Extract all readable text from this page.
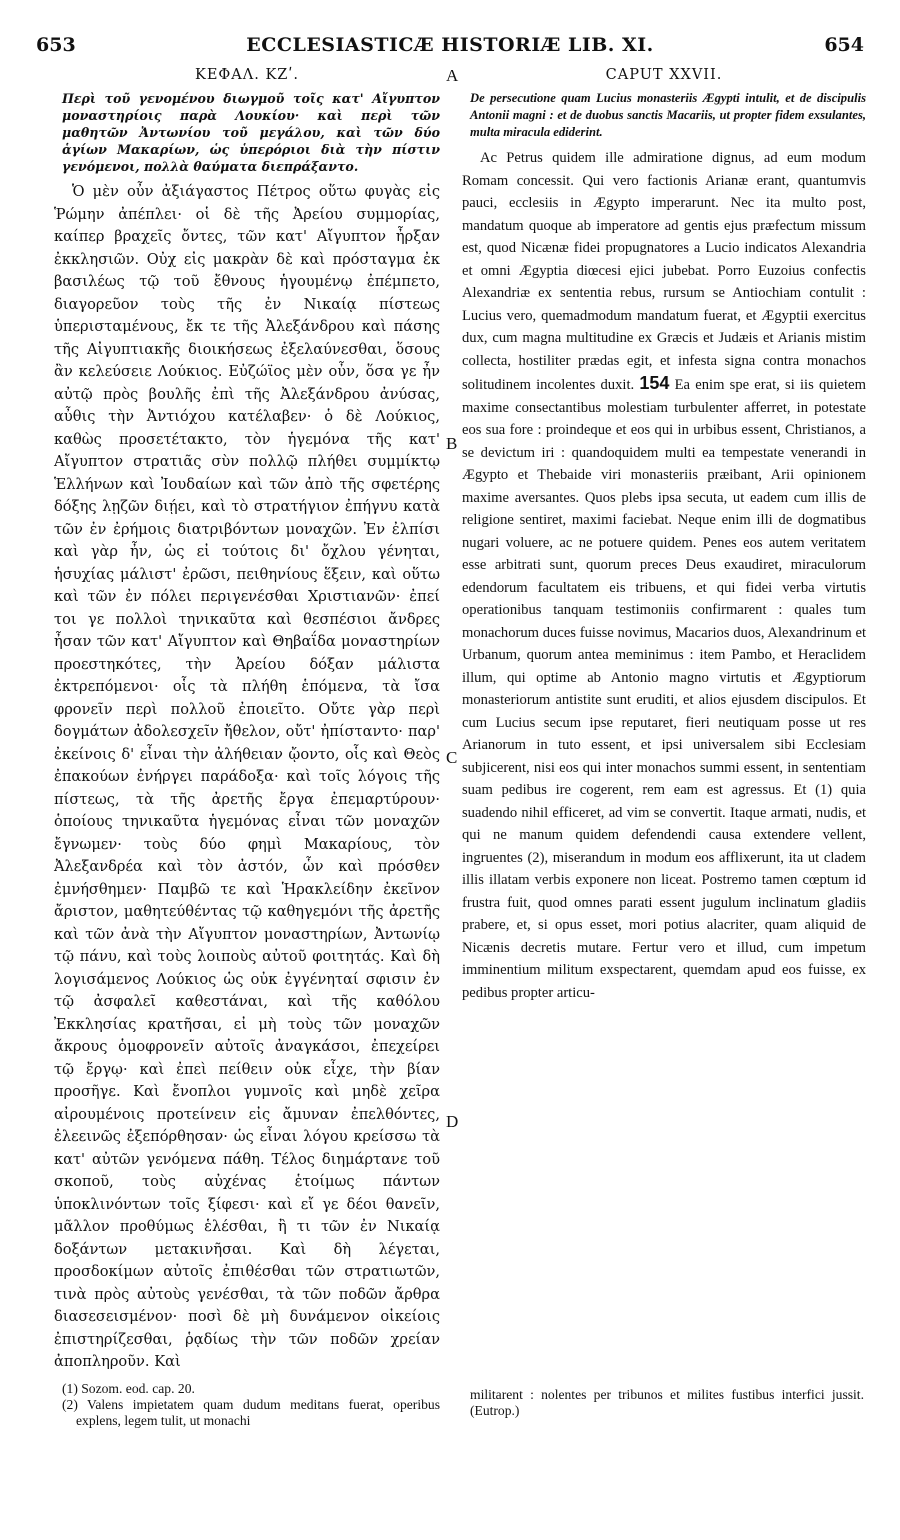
653	ECCLESIASTICÆ HISTORIÆ LIB. XI.	654
ΚΕΦΑΛ. ΚΖʹ.
Περὶ τοῦ γενομένου διωγμοῦ τοῖς κατ' Αἴγυπτον μοναστηρίοις παρὰ Λουκίου· καὶ περὶ τῶν μαθητῶν Ἀντωνίου τοῦ μεγάλου, καὶ τῶν δύο ἁγίων Μακαρίων, ὡς ὑπερόριοι διὰ τὴν πίστιν γενόμενοι, πολλὰ θαύματα διεπράξαντο.

Ὁ μὲν οὖν ἀξιάγαστος Πέτρος οὕτω φυγὰς εἰς Ῥώμην ἀπέπλει· οἱ δὲ τῆς Ἀρείου συμμορίας, καίπερ βραχεῖς ὄντες, τῶν κατ' Αἴγυπτον ἦρξαν ἐκκλησιῶν. Οὐχ εἰς μακρὰν δὲ καὶ πρόσταγμα ἐκ βασιλέως τῷ τοῦ ἔθνους ἡγουμένῳ ἐπέμπετο, διαγορεῦον τοὺς τῆς ἐν Νικαίᾳ πίστεως ὑπερισταμένους, ἔκ τε τῆς Ἀλεξάνδρου καὶ πάσης τῆς Αἰγυπτιακῆς διοικήσεως ἐξελαύνεσθαι, ὅσους ἂν κελεύσειε Λούκιος. Εὐζώϊος μὲν οὖν, ὅσα γε ἦν αὐτῷ πρὸς βουλῆς ἐπὶ τῆς Ἀλεξάνδρου ἀνύσας, αὖθις τὴν Ἀντιόχου κατέλαβεν· ὁ δὲ Λούκιος, καθὼς προσετέτακτο, τὸν ἡγεμόνα τῆς κατ' Αἴγυπτον στρατιᾶς σὺν πολλῷ πλήθει συμμίκτῳ Ἑλλήνων καὶ Ἰουδαίων καὶ τῶν ἀπὸ τῆς σφετέρης δόξης λῃζῶν διῄει, καὶ τὸ στρατήγιον ἐπήγνυ κατὰ τῶν ἐν ἐρήμοις διατριβόντων μοναχῶν. Ἐν ἐλπίσι καὶ γὰρ ἦν, ὡς εἰ τούτοις δι' ὄχλου γένηται, ἡσυχίας μάλιστ' ἐρῶσι, πειθηνίους ἕξειν, καὶ οὕτω καὶ τῶν ἐν πόλει περιγενέσθαι Χριστιανῶν· ἐπεί τοι γε πολλοὶ τηνικαῦτα καὶ θεσπέσιοι ἄνδρες ἦσαν τῶν κατ' Αἴγυπτον καὶ Θηβαΐδα μοναστηρίων προεστηκότες, τὴν Ἀρείου δόξαν μάλιστα ἐκτρεπόμενοι· οἷς τὰ πλήθη ἑπόμενα, τὰ ἴσα φρονεῖν περὶ πολλοῦ ἐποιεῖτο. Οὔτε γὰρ περὶ δογμάτων ἀδολεσχεῖν ἤθελον, οὔτ' ἠπίσταντο· παρ' ἐκείνοις δ' εἶναι τὴν ἀλήθειαν ᾤοντο, οἷς καὶ Θεὸς ἐπακούων ἐνήργει παράδοξα· καὶ τοῖς λόγοις τῆς πίστεως, τὰ τῆς ἀρετῆς ἔργα ἐπεμαρτύρουν· ὁποίους τηνικαῦτα ἡγεμόνας εἶναι τῶν μοναχῶν ἔγνωμεν· τοὺς δύο φημὶ Μακαρίους, τὸν Ἀλεξανδρέα καὶ τὸν ἀστόν, ὧν καὶ πρόσθεν ἐμνήσθημεν· Παμβῶ τε καὶ Ἡρακλείδην ἐκεῖνον ἄριστον, μαθητεύθέντας τῷ καθηγεμόνι τῆς ἀρετῆς καὶ τῶν ἀνὰ τὴν Αἴγυπτον μοναστηρίων, Ἀντωνίῳ τῷ πάνυ, καὶ τοὺς λοιποὺς αὐτοῦ φοιτητάς. Καὶ δὴ λογισάμενος Λούκιος ὡς οὐκ ἐγγένηταί σφισιν ἐν τῷ ἀσφαλεῖ καθεστάναι, καὶ τῆς καθόλου Ἐκκλησίας κρατῆσαι, εἰ μὴ τοὺς τῶν μοναχῶν ἄκρους ὁμοφρονεῖν αὐτοῖς ἀναγκάσοι, ἐπεχείρει τῷ ἔργῳ· καὶ ἐπεὶ πείθειν οὐκ εἶχε, τὴν βίαν προσῆγε. Καὶ ἔνοπλοι γυμνοῖς καὶ μηδὲ χεῖρα αἰρουμένοις προτείνειν εἰς ἄμυναν ἐπελθόντες, ἐλεεινῶς ἐξεπόρθησαν· ὡς εἶναι λόγου κρείσσω τὰ κατ' αὐτῶν γενόμενα πάθη. Τέλος διημάρτανε τοῦ σκοποῦ, τοὺς αὐχένας ἑτοίμως πάντων ὑποκλινόντων τοῖς ξίφεσι· καὶ εἴ γε δέοι θανεῖν, μᾶλλον προθύμως ἑλέσθαι, ἢ τι τῶν ἐν Νικαίᾳ δοξάντων μετακινῆσαι. Καὶ δὴ λέγεται, προσδοκίμων αὐτοῖς ἐπιθέσθαι τῶν στρατιωτῶν, τινὰ πρὸς αὐτοὺς γενέσθαι, τὰ τῶν ποδῶν ἄρθρα διασεσεισμένον· ποσὶ δὲ μὴ δυνάμενον οἰκείοις ἐπιστηρίζεσθαι, ῥᾳδίως τὴν τῶν ποδῶν χρείαν ἀποπληροῦν. Καὶ

A
B
C
D
CAPUT XXVII.
De persecutione quam Lucius monasteriis Ægypti intulit, et de discipulis Antonii magni : et de duobus sanctis Macariis, ut propter fidem exsulantes, multa miracula ediderint.

Ac Petrus quidem ille admiratione dignus, ad eum modum Romam concessit. Qui vero factionis Arianæ erant, quantumvis pauci, ecclesiis in Ægypto imperarunt. Nec ita multo post, mandatum quoque ab imperatore ad gentis ejus præfectum missum est, quod Nicænæ fidei propugnatores a Lucio indicatos Alexandria et omni Ægyptia diœcesi ejici jubebat. Porro Euzoius confectis Alexandriæ ex sententia rebus, rursum se Antiochiam contulit : Lucius vero, quemadmodum mandatum fuerat, et Ægyptii exercitus dux, cum magna multitudine ex Græcis et Judæis et Arianis mistim collecta, hostiliter prædas egit, et infesta signa contra monachos solitudinem incolentes duxit. 154 Ea enim spe erat, si iis quietem maxime consectantibus molestiam turbulenter afferret, in potestate eos sua fore : proindeque et eos qui in urbibus essent, Christianos, a se devictum iri : quandoquidem multi ea tempestate venerandi in Ægypto et Thebaide viri monasteriis præibant, Arii opinionem maxime aversantes. Quos plebs ipsa secuta, ut eadem cum illis de religione sentiret, maximi faciebat. Neque enim illi de dogmatibus nugari voluere, ac ne potuere quidem. Penes eos autem veritatem esse arbitrati sunt, quorum preces Deus exaudiret, miraculorum edendorum facultatem eis tribuens, et qui fidei verba virtutis operationibus tanquam testimoniis confirmarent : quales tum monachorum duces fuisse novimus, Macarios duos, Alexandrinum et Urbanum, quorum antea meminimus : item Pambo, et Heraclidem illum, qui optime ab Antonio magno virtutis et Ægyptiorum monasteriorum antistite sunt eruditi, et alios ejusdem discipulos. Et cum Lucius secum ipse reputaret, fieri neutiquam posse ut res Arianorum in tuto essent, et ipsi universalem sibi Ecclesiam subjicerent, nisi eos qui inter monachos summi essent, in sententiam suam pedibus ire cogerent, rem eam est agressus. Et (1) quia suadendo nihil efficeret, ad vim se convertit. Itaque armati, nudis, et qui ne manum quidem defendendi causa extendere vellent, ingruentes (2), miserandum in modum eos afflixerunt, ita ut cladem illis illatam verbis exponere non liceat. Postremo tamen cœptum id frustra fuit, quod omnes parati essent jugulum inclinatum gladiis prabere, et, si opus esset, mori potius alacriter, quam aliquid de Nicænis decretis mutare. Fertur vero et illud, cum impetum imminentium militum exspectarent, quemdam apud eos fuisse, ex pedibus propter articu-

(1) Sozom. eod. cap. 20.

(2) Valens impietatem quam dudum meditans fuerat, operibus explens, legem tulit, ut monachi

militarent : nolentes per tribunos et milites fustibus interfici jussit. (Eutrop.)
